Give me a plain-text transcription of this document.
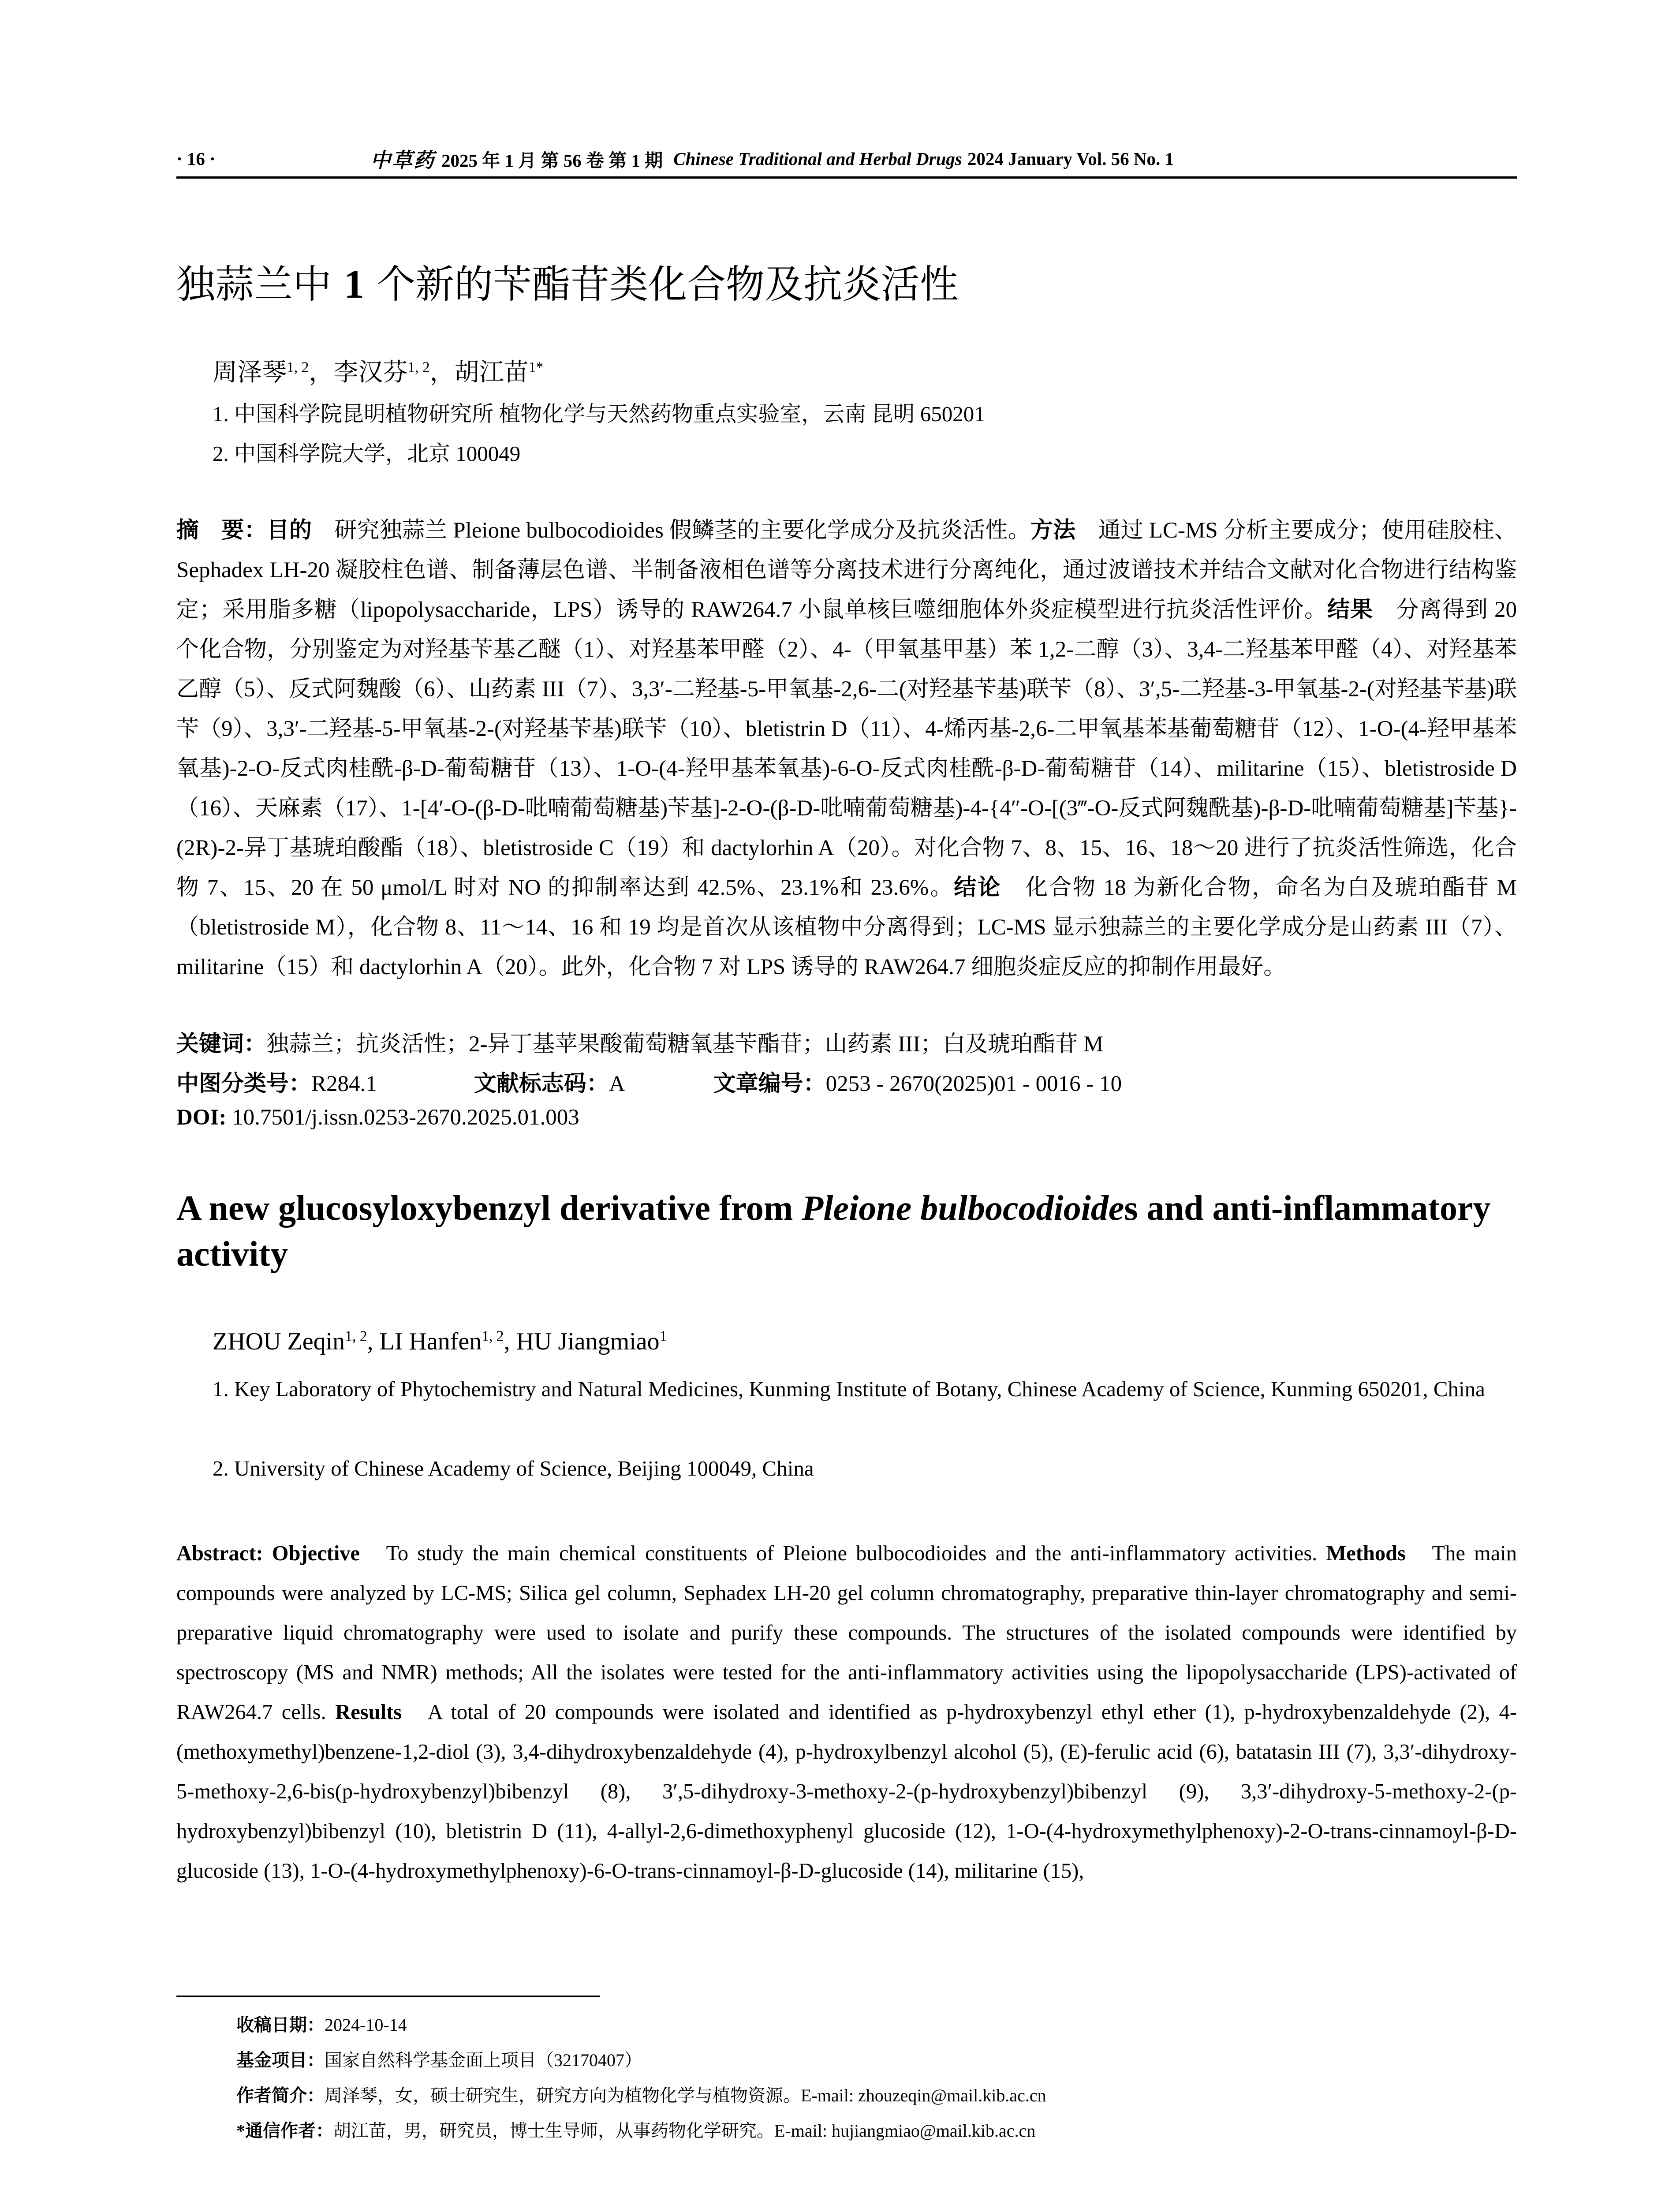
· 16 ·	中草药 2025 年 1 月 第 56 卷 第 1 期 Chinese Traditional and Herbal Drugs 2024 January Vol. 56 No. 1
独蒜兰中 1 个新的苄酯苷类化合物及抗炎活性
周泽琴$^{1, 2}$，李汉芬$^{1, 2}$，胡江苗$^{1*}$
1. 中国科学院昆明植物研究所 植物化学与天然药物重点实验室，云南 昆明 650201
2. 中国科学院大学，北京 100049
摘　要：目的　研究独蒜兰 Pleione bulbocodioides 假鳞茎的主要化学成分及抗炎活性。方法　通过 LC-MS 分析主要成分；使用硅胶柱、Sephadex LH-20 凝胶柱色谱、制备薄层色谱、半制备液相色谱等分离技术进行分离纯化，通过波谱技术并结合文献对化合物进行结构鉴定；采用脂多糖（lipopolysaccharide，LPS）诱导的 RAW264.7 小鼠单核巨噬细胞体外炎症模型进行抗炎活性评价。结果　分离得到 20 个化合物，分别鉴定为对羟基苄基乙醚（1）、对羟基苯甲醛（2）、4-（甲氧基甲基）苯 1,2-二醇（3）、3,4-二羟基苯甲醛（4）、对羟基苯乙醇（5）、反式阿魏酸（6）、山药素 III（7）、3,3′-二羟基-5-甲氧基-2,6-二(对羟基苄基)联苄（8）、3′,5-二羟基-3-甲氧基-2-(对羟基苄基)联苄（9）、3,3′-二羟基-5-甲氧基-2-(对羟基苄基)联苄（10）、bletistrin D（11）、4-烯丙基-2,6-二甲氧基苯基葡萄糖苷（12）、1-O-(4-羟甲基苯氧基)-2-O-反式肉桂酰-β-D-葡萄糖苷（13）、1-O-(4-羟甲基苯氧基)-6-O-反式肉桂酰-β-D-葡萄糖苷（14）、militarine（15）、bletistroside D（16）、天麻素（17）、1-[4′-O-(β-D-吡喃葡萄糖基)苄基]-2-O-(β-D-吡喃葡萄糖基)-4-{4″-O-[(3‴-O-反式阿魏酰基)-β-D-吡喃葡萄糖基]苄基}-(2R)-2-异丁基琥珀酸酯（18）、bletistroside C（19）和 dactylorhin A（20）。对化合物 7、8、15、16、18～20 进行了抗炎活性筛选，化合物 7、15、20 在 50 μmol/L 时对 NO 的抑制率达到 42.5%、23.1%和 23.6%。结论　化合物 18 为新化合物，命名为白及琥珀酯苷 M（bletistroside M），化合物 8、11～14、16 和 19 均是首次从该植物中分离得到；LC-MS 显示独蒜兰的主要化学成分是山药素 III（7）、militarine（15）和 dactylorhin A（20）。此外，化合物 7 对 LPS 诱导的 RAW264.7 细胞炎症反应的抑制作用最好。
关键词：独蒜兰；抗炎活性；2-异丁基苹果酸葡萄糖氧基苄酯苷；山药素 III；白及琥珀酯苷 M
中图分类号：R284.1	文献标志码：A	文章编号：0253 - 2670(2025)01 - 0016 - 10
DOI: 10.7501/j.issn.0253-2670.2025.01.003
A new glucosyloxybenzyl derivative from Pleione bulbocodioides and anti-inflammatory activity
ZHOU Zeqin$^{1, 2}$, LI Hanfen$^{1, 2}$, HU Jiangmiao$^1$
1. Key Laboratory of Phytochemistry and Natural Medicines, Kunming Institute of Botany, Chinese Academy of Science, Kunming 650201, China
2. University of Chinese Academy of Science, Beijing 100049, China
Abstract: Objective To study the main chemical constituents of Pleione bulbocodioides and the anti-inflammatory activities. Methods The main compounds were analyzed by LC-MS; Silica gel column, Sephadex LH-20 gel column chromatography, preparative thin-layer chromatography and semi-preparative liquid chromatography were used to isolate and purify these compounds. The structures of the isolated compounds were identified by spectroscopy (MS and NMR) methods; All the isolates were tested for the anti-inflammatory activities using the lipopolysaccharide (LPS)-activated of RAW264.7 cells. Results A total of 20 compounds were isolated and identified as p-hydroxybenzyl ethyl ether (1), p-hydroxybenzaldehyde (2), 4-(methoxymethyl)benzene-1,2-diol (3), 3,4-dihydroxybenzaldehyde (4), p-hydroxylbenzyl alcohol (5), (E)-ferulic acid (6), batatasin III (7), 3,3′-dihydroxy-5-methoxy-2,6-bis(p-hydroxybenzyl)bibenzyl (8), 3′,5-dihydroxy-3-methoxy-2-(p-hydroxybenzyl)bibenzyl (9), 3,3′-dihydroxy-5-methoxy-2-(p-hydroxybenzyl)bibenzyl (10), bletistrin D (11), 4-allyl-2,6-dimethoxyphenyl glucoside (12), 1-O-(4-hydroxymethylphenoxy)-2-O-trans-cinnamoyl-β-D-glucoside (13), 1-O-(4-hydroxymethylphenoxy)-6-O-trans-cinnamoyl-β-D-glucoside (14), militarine (15),
收稿日期：2024-10-14
基金项目：国家自然科学基金面上项目（32170407）
作者简介：周泽琴，女，硕士研究生，研究方向为植物化学与植物资源。E-mail: zhouzeqin@mail.kib.ac.cn
*通信作者：胡江苗，男，研究员，博士生导师，从事药物化学研究。E-mail: hujiangmiao@mail.kib.ac.cn
